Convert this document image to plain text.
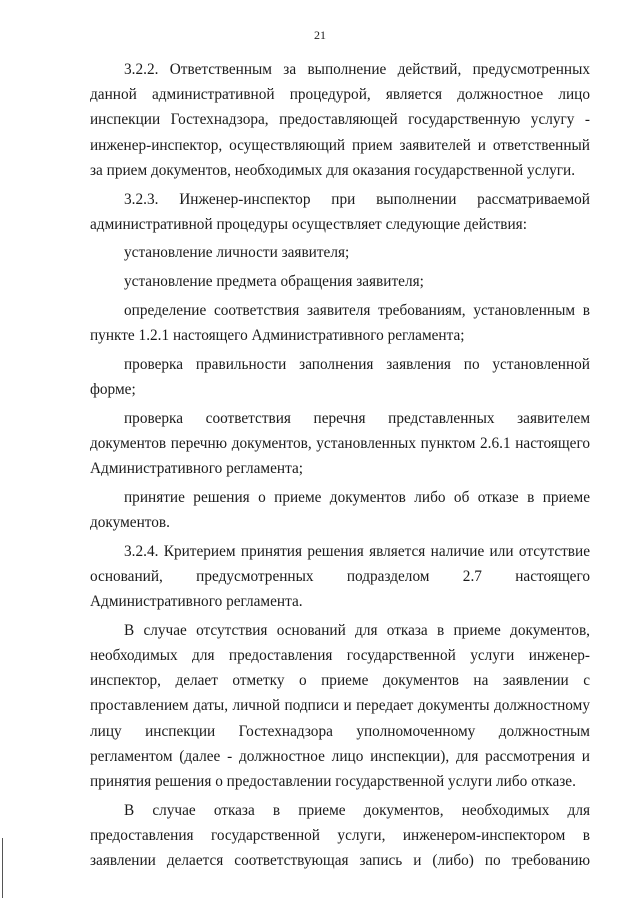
21

3.2.2. Ответственным за выполнение действий, предусмотренных данной административной процедурой, является должностное лицо инспекции Гостехнадзора, предоставляющей государственную услугу - инженер-инспектор, осуществляющий прием заявителей и ответственный за прием документов, необходимых для оказания государственной услуги.

3.2.3. Инженер-инспектор при выполнении рассматриваемой административной процедуры осуществляет следующие действия:

установление личности заявителя;

установление предмета обращения заявителя;

определение соответствия заявителя требованиям, установленным в пункте 1.2.1 настоящего Административного регламента;

проверка правильности заполнения заявления по установленной форме;

проверка соответствия перечня представленных заявителем документов перечню документов, установленных пунктом 2.6.1 настоящего Административного регламента;

принятие решения о приеме документов либо об отказе в приеме документов.

3.2.4. Критерием принятия решения является наличие или отсутствие оснований, предусмотренных подразделом 2.7 настоящего Административного регламента.

В случае отсутствия оснований для отказа в приеме документов, необходимых для предоставления государственной услуги инженер-инспектор, делает отметку о приеме документов на заявлении с проставлением даты, личной подписи и передает документы должностному лицу инспекции Гостехнадзора уполномоченному должностным регламентом (далее - должностное лицо инспекции), для рассмотрения и принятия решения о предоставлении государственной услуги либо отказе.

В случае отказа в приеме документов, необходимых для предоставления государственной услуги, инженером-инспектором в заявлении делается соответствующая запись и (либо) по требованию
